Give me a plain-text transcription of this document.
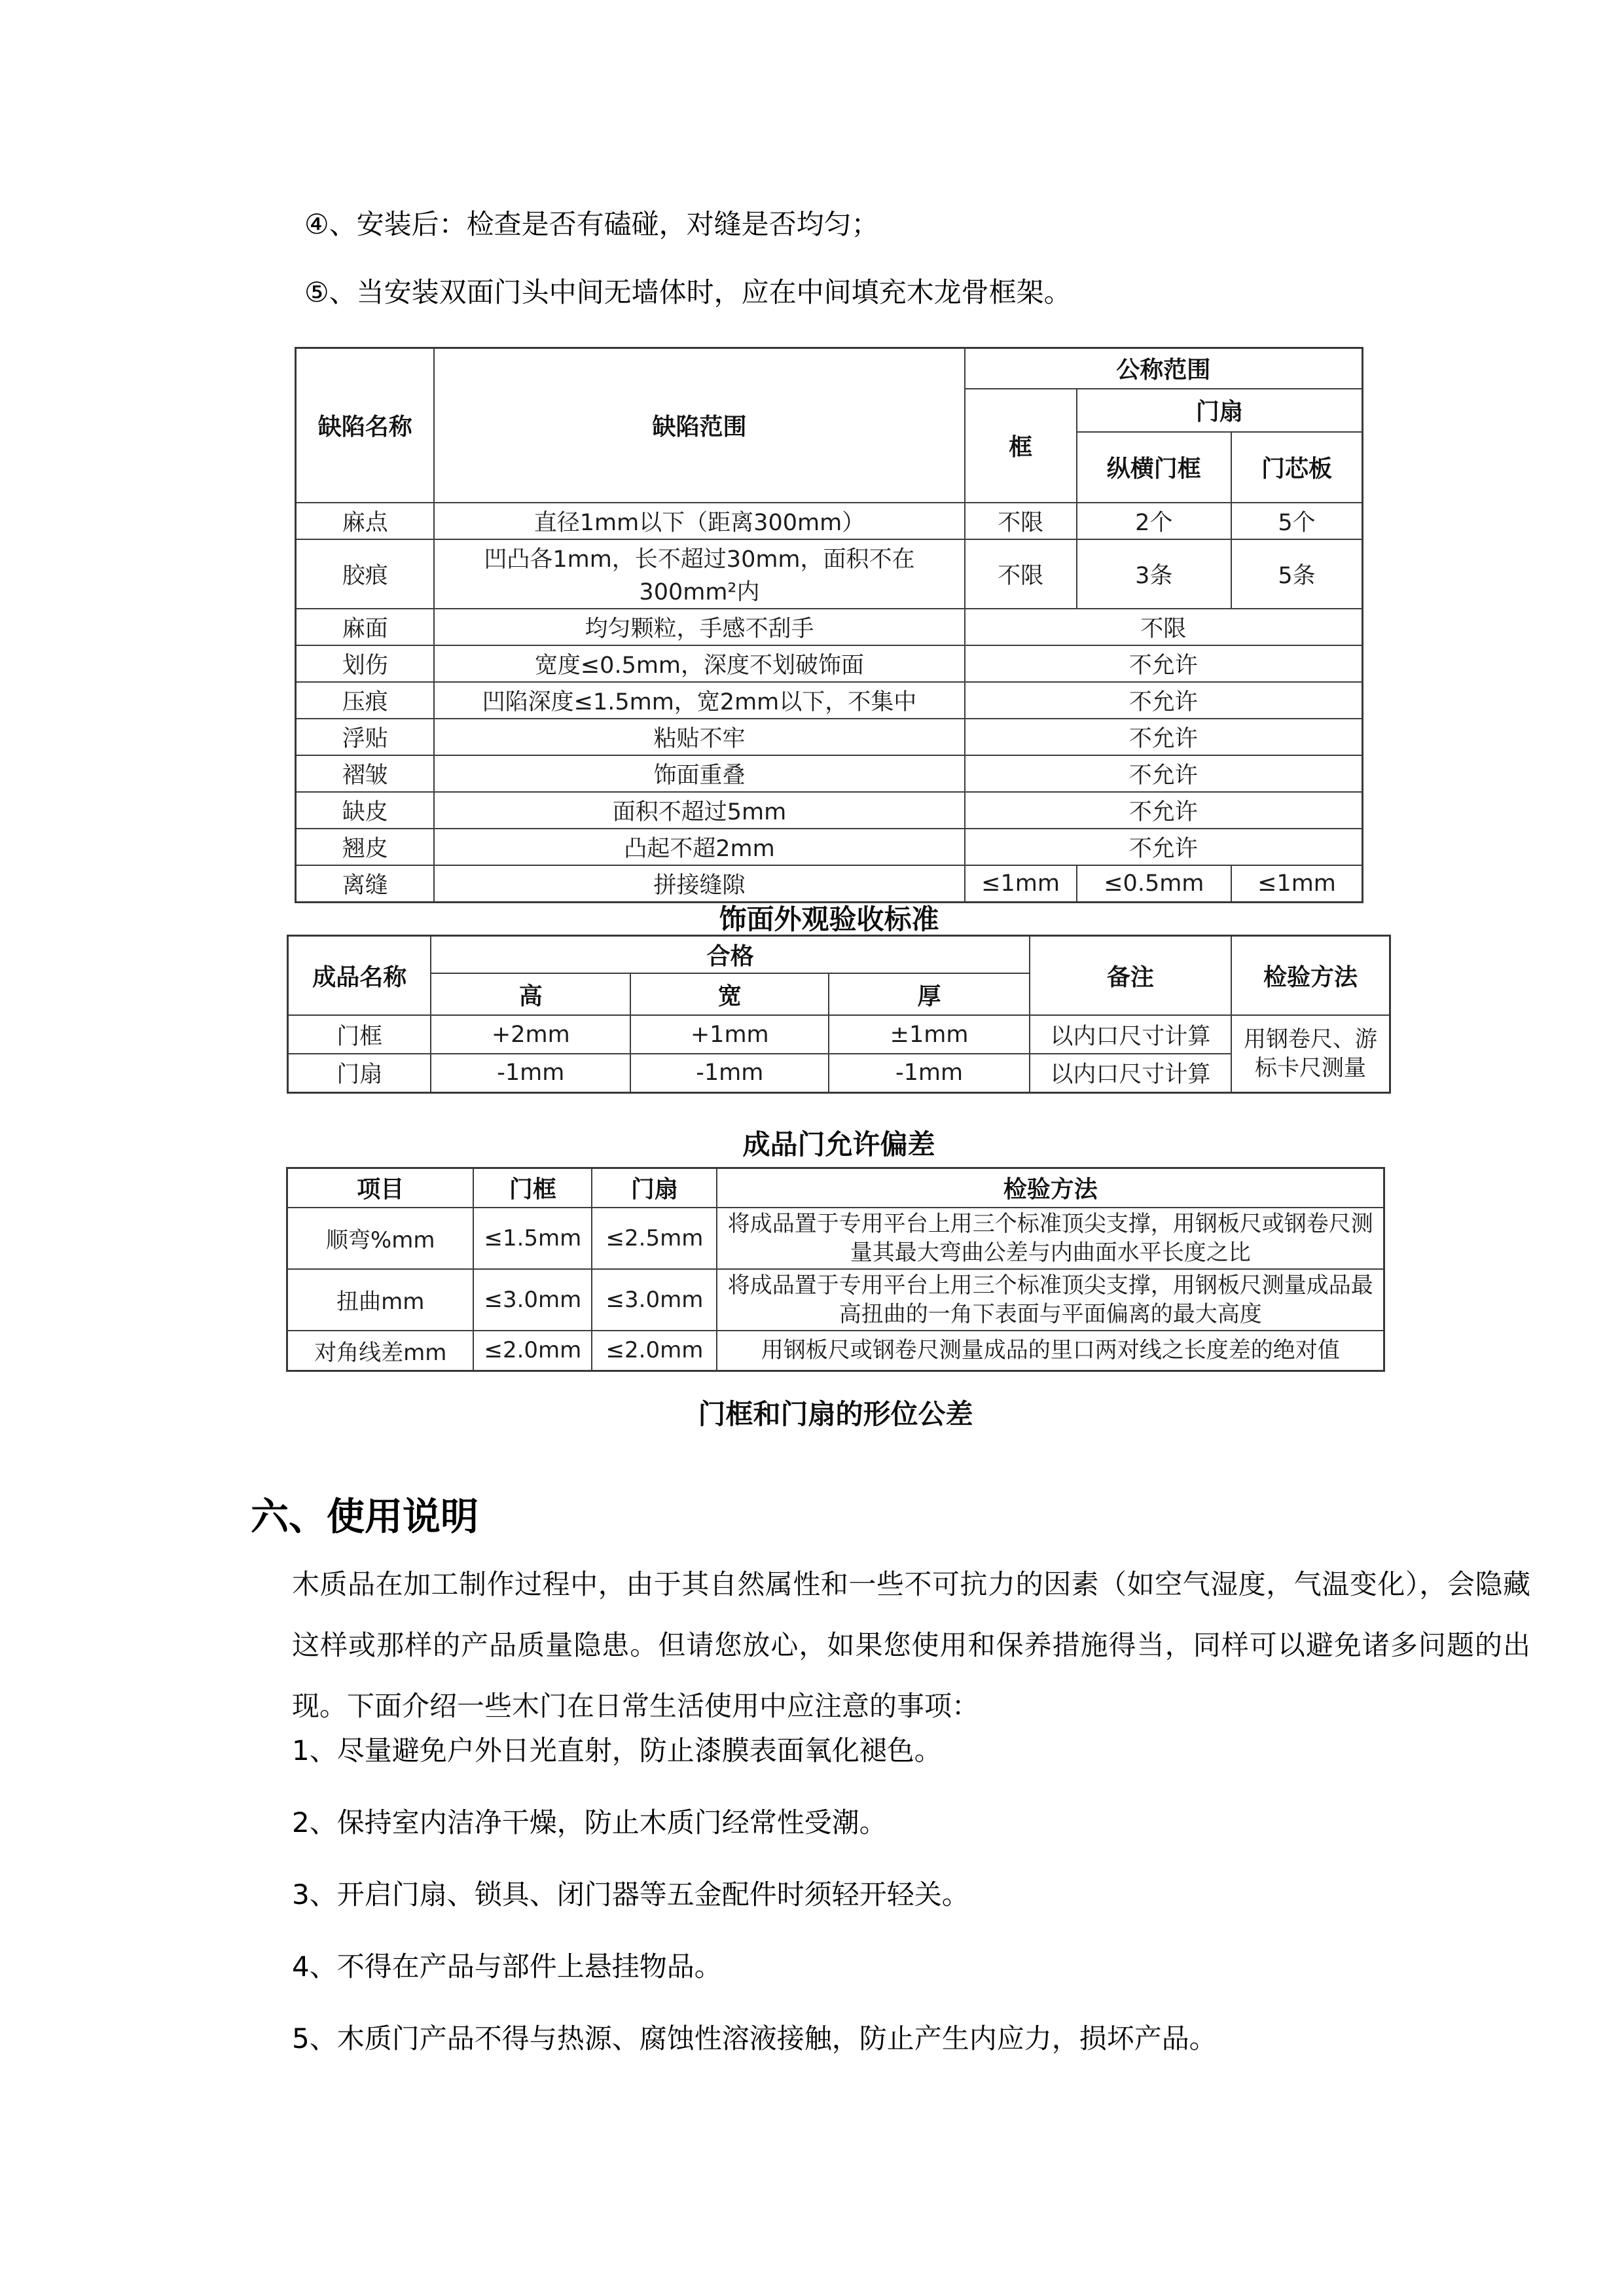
④、安装后：检查是否有磕碰，对缝是否均匀；

⑤、当安装双面门头中间无墙体时，应在中间填充木龙骨框架。

缺陷名称	缺陷范围	公称范围		
		框	门扇	
			纵横门框	门芯板
麻点	直径1mm以下（距离300mm）	不限	2个	5个
胶痕	凹凸各1mm，长不超过30mm，面积不在300mm²内	不限	3条	5条
麻面	均匀颗粒，手感不刮手	不限		
划伤	宽度≤0.5mm，深度不划破饰面	不允许		
压痕	凹陷深度≤1.5mm，宽2mm以下，不集中	不允许		
浮贴	粘贴不牢	不允许		
褶皱	饰面重叠	不允许		
缺皮	面积不超过5mm	不允许		
翘皮	凸起不超2mm	不允许		
离缝	拼接缝隙	≤1mm	≤0.5mm	≤1mm
饰面外观验收标准
成品名称	合格			备注	检验方法
	高	宽	厚		
门框	+2mm	+1mm	±1mm	以内口尺寸计算	用钢卷尺、游标卡尺测量
门扇	-1mm	-1mm	-1mm	以内口尺寸计算	
成品门允许偏差
项目	门框	门扇	检验方法
顺弯%mm	≤1.5mm	≤2.5mm	将成品置于专用平台上用三个标准顶尖支撑，用钢板尺或钢卷尺测量其最大弯曲公差与内曲面水平长度之比
扭曲mm	≤3.0mm	≤3.0mm	将成品置于专用平台上用三个标准顶尖支撑，用钢板尺测量成品最高扭曲的一角下表面与平面偏离的最大高度
对角线差mm	≤2.0mm	≤2.0mm	用钢板尺或钢卷尺测量成品的里口两对线之长度差的绝对值
门框和门扇的形位公差
六、使用说明

木质品在加工制作过程中，由于其自然属性和一些不可抗力的因素（如空气湿度，气温变化），会隐藏这样或那样的产品质量隐患。但请您放心，如果您使用和保养措施得当，同样可以避免诸多问题的出现。下面介绍一些木门在日常生活使用中应注意的事项：

1、尽量避免户外日光直射，防止漆膜表面氧化褪色。

2、保持室内洁净干燥，防止木质门经常性受潮。

3、开启门扇、锁具、闭门器等五金配件时须轻开轻关。

4、不得在产品与部件上悬挂物品。

5、木质门产品不得与热源、腐蚀性溶液接触，防止产生内应力，损坏产品。
